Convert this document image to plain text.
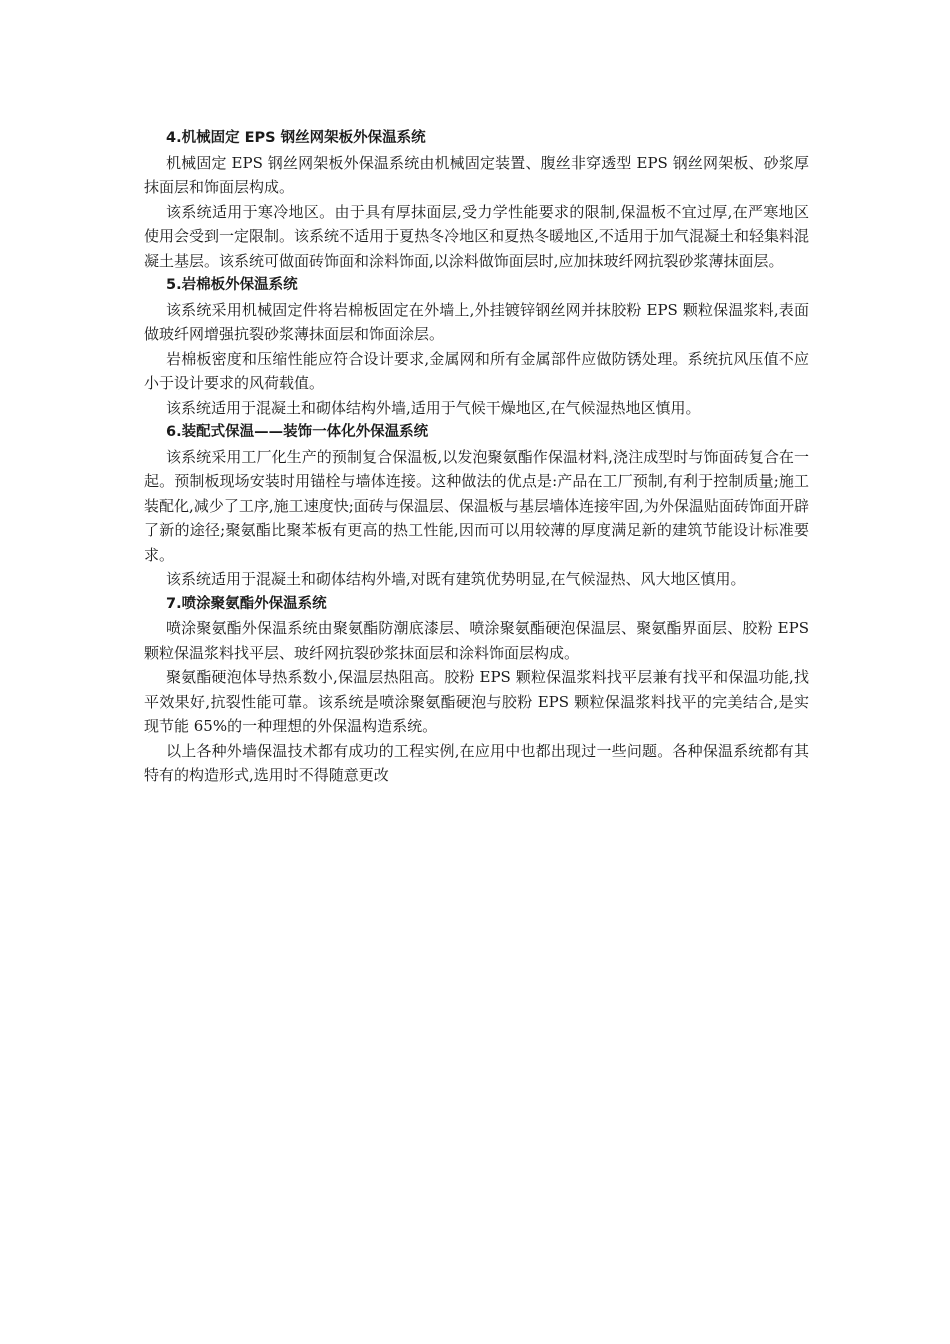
4.机械固定 EPS 钢丝网架板外保温系统

机械固定 EPS 钢丝网架板外保温系统由机械固定装置、腹丝非穿透型 EPS 钢丝网架板、砂浆厚抹面层和饰面层构成。

该系统适用于寒冷地区。由于具有厚抹面层,受力学性能要求的限制,保温板不宜过厚,在严寒地区使用会受到一定限制。该系统不适用于夏热冬冷地区和夏热冬暖地区,不适用于加气混凝土和轻集料混凝土基层。该系统可做面砖饰面和涂料饰面,以涂料做饰面层时,应加抹玻纤网抗裂砂浆薄抹面层。

5.岩棉板外保温系统

该系统采用机械固定件将岩棉板固定在外墙上,外挂镀锌钢丝网并抹胶粉 EPS 颗粒保温浆料,表面做玻纤网增强抗裂砂浆薄抹面层和饰面涂层。

岩棉板密度和压缩性能应符合设计要求,金属网和所有金属部件应做防锈处理。系统抗风压值不应小于设计要求的风荷载值。

该系统适用于混凝土和砌体结构外墙,适用于气候干燥地区,在气候湿热地区慎用。

6.装配式保温——装饰一体化外保温系统

该系统采用工厂化生产的预制复合保温板,以发泡聚氨酯作保温材料,浇注成型时与饰面砖复合在一起。预制板现场安装时用锚栓与墙体连接。这种做法的优点是:产品在工厂预制,有利于控制质量;施工装配化,减少了工序,施工速度快;面砖与保温层、保温板与基层墙体连接牢固,为外保温贴面砖饰面开辟了新的途径;聚氨酯比聚苯板有更高的热工性能,因而可以用较薄的厚度满足新的建筑节能设计标准要求。

该系统适用于混凝土和砌体结构外墙,对既有建筑优势明显,在气候湿热、风大地区慎用。

7.喷涂聚氨酯外保温系统

喷涂聚氨酯外保温系统由聚氨酯防潮底漆层、喷涂聚氨酯硬泡保温层、聚氨酯界面层、胶粉 EPS 颗粒保温浆料找平层、玻纤网抗裂砂浆抹面层和涂料饰面层构成。

聚氨酯硬泡体导热系数小,保温层热阻高。胶粉 EPS 颗粒保温浆料找平层兼有找平和保温功能,找平效果好,抗裂性能可靠。该系统是喷涂聚氨酯硬泡与胶粉 EPS 颗粒保温浆料找平的完美结合,是实现节能 65%的一种理想的外保温构造系统。

以上各种外墙保温技术都有成功的工程实例,在应用中也都出现过一些问题。各种保温系统都有其特有的构造形式,选用时不得随意更改
